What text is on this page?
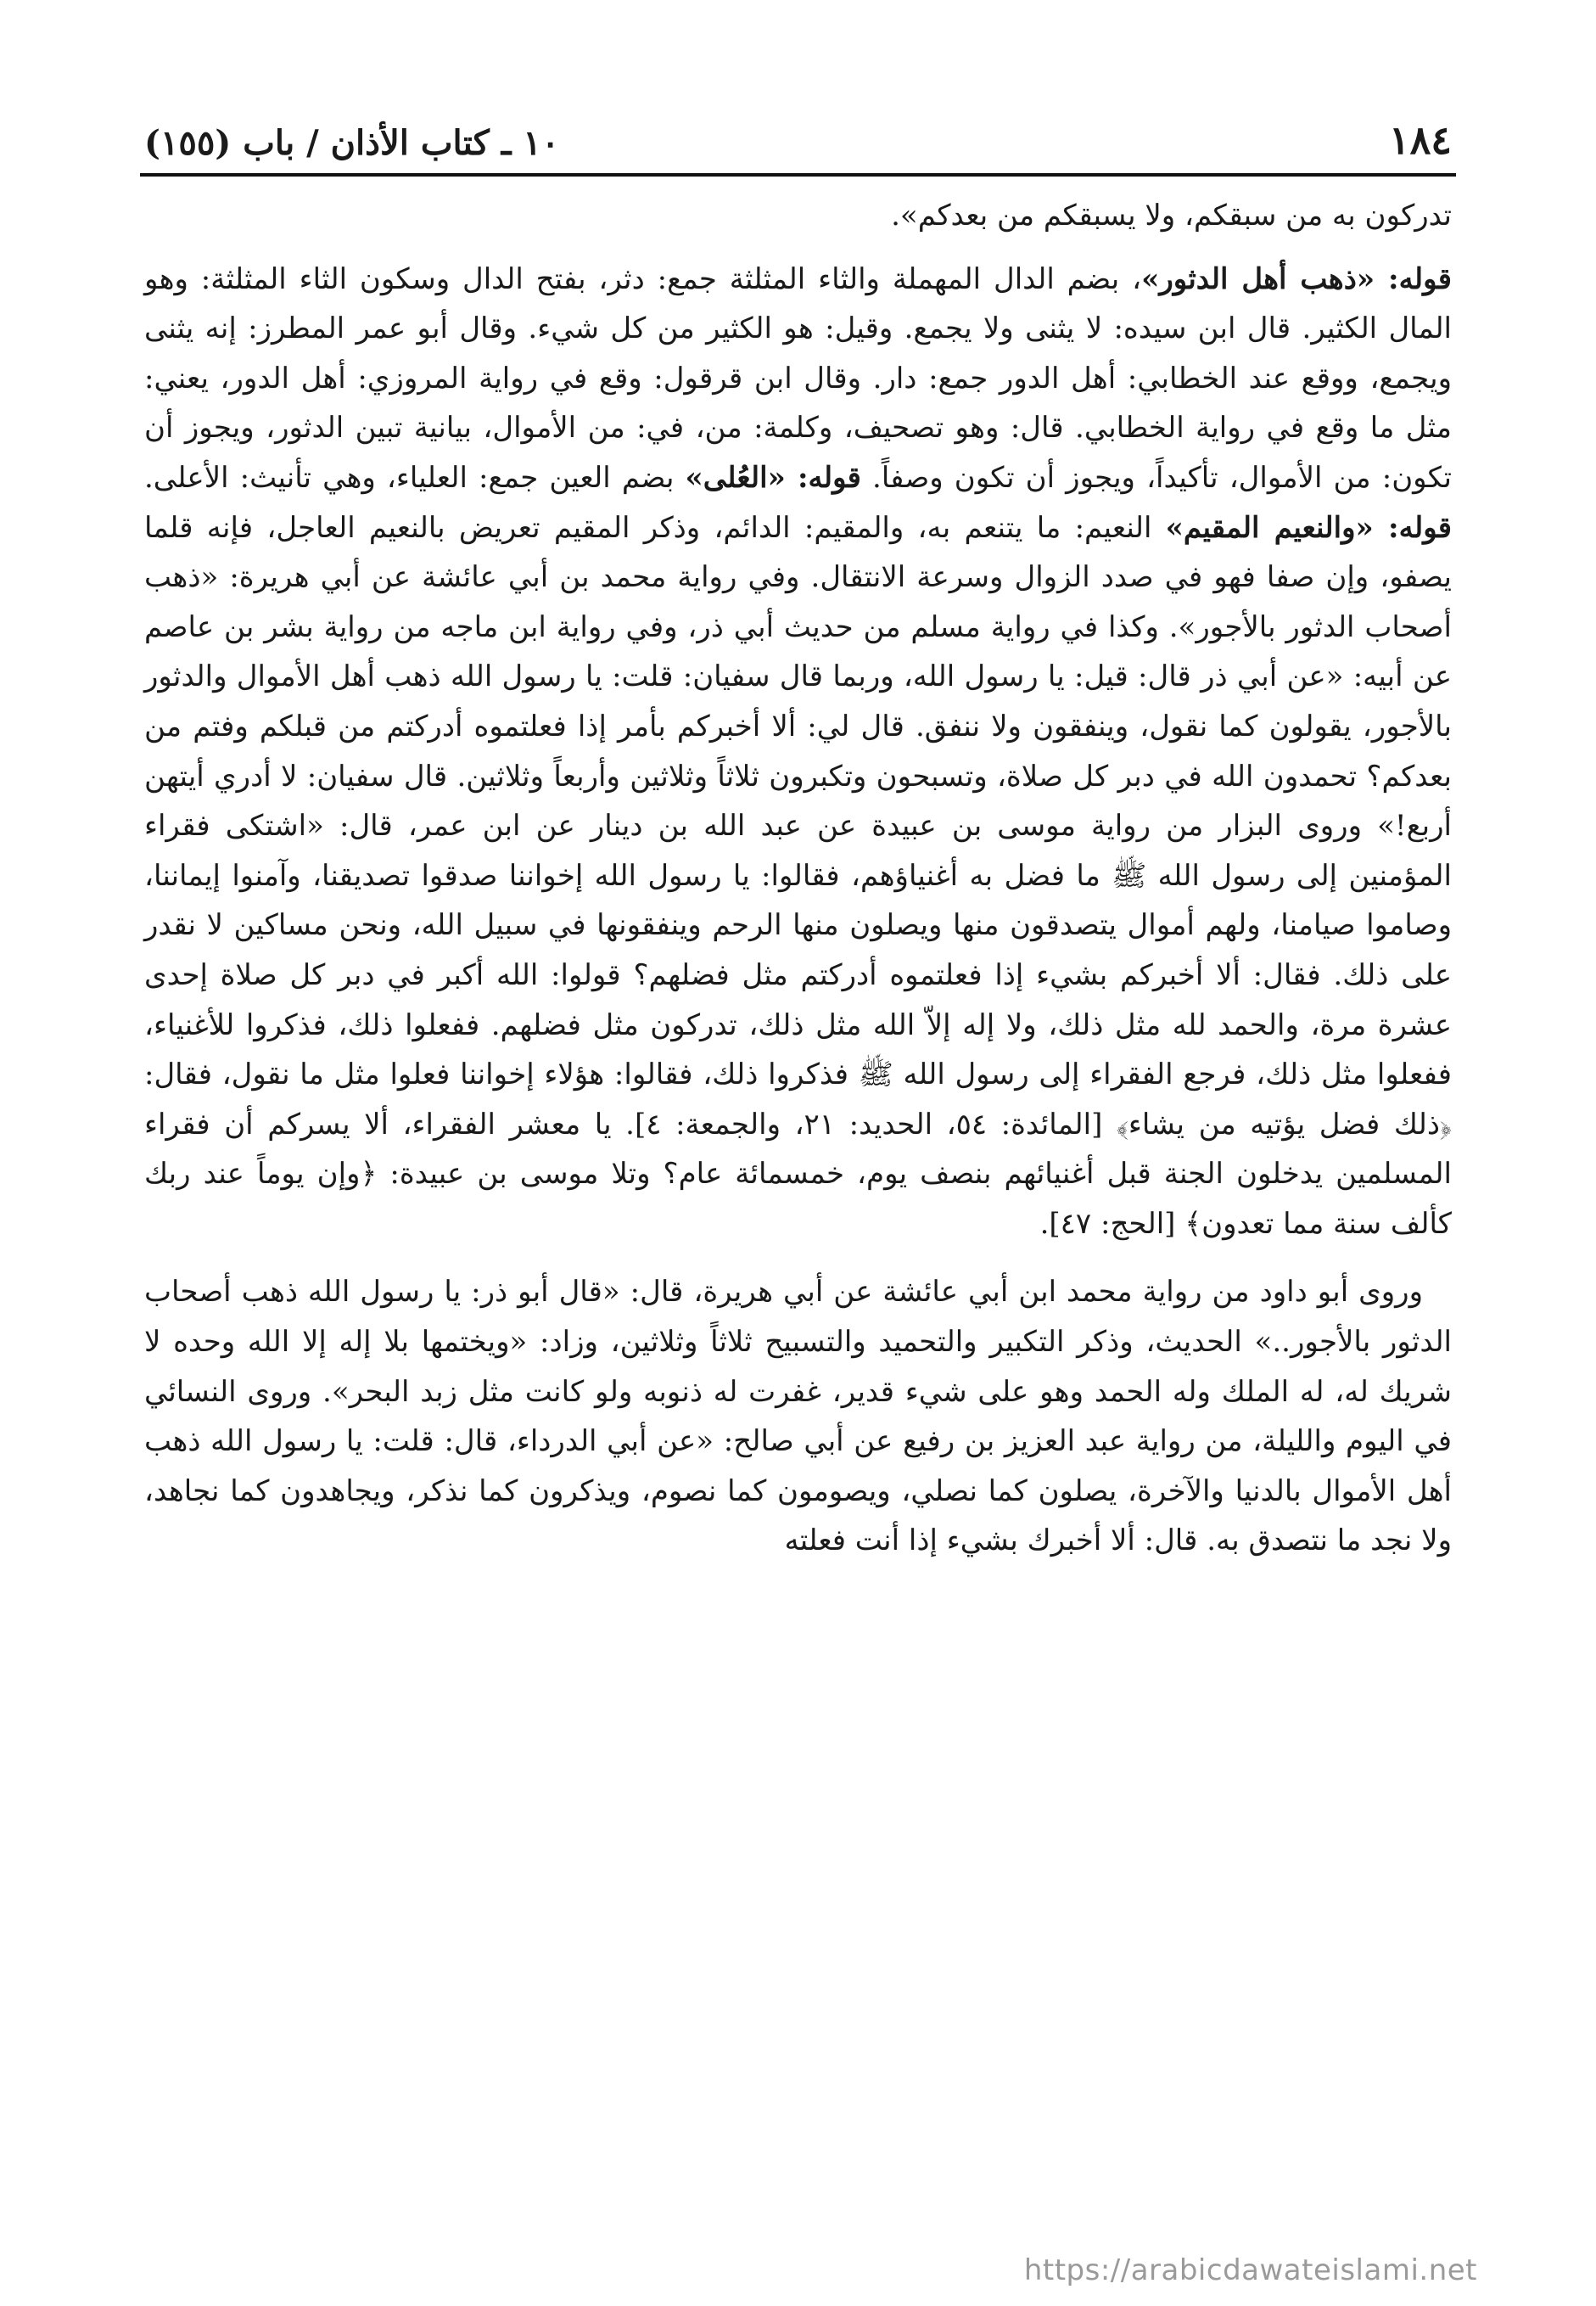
١٨٤
١٠ ـ كتاب الأذان / باب (١٥٥)

تدركون به من سبقكم، ولا يسبقكم من بعدكم».

قوله: «ذهب أهل الدثور»، بضم الدال المهملة والثاء المثلثة جمع: دثر، بفتح الدال وسكون الثاء المثلثة: وهو المال الكثير. قال ابن سيده: لا يثنى ولا يجمع. وقيل: هو الكثير من كل شيء. وقال أبو عمر المطرز: إنه يثنى ويجمع، ووقع عند الخطابي: أهل الدور جمع: دار. وقال ابن قرقول: وقع في رواية المروزي: أهل الدور، يعني: مثل ما وقع في رواية الخطابي. قال: وهو تصحيف، وكلمة: من، في: من الأموال، بيانية تبين الدثور، ويجوز أن تكون: من الأموال، تأكيداً، ويجوز أن تكون وصفاً. قوله: «العُلى» بضم العين جمع: العلياء، وهي تأنيث: الأعلى. قوله: «والنعيم المقيم» النعيم: ما يتنعم به، والمقيم: الدائم، وذكر المقيم تعريض بالنعيم العاجل، فإنه قلما يصفو، وإن صفا فهو في صدد الزوال وسرعة الانتقال. وفي رواية محمد بن أبي عائشة عن أبي هريرة: «ذهب أصحاب الدثور بالأجور». وكذا في رواية مسلم من حديث أبي ذر، وفي رواية ابن ماجه من رواية بشر بن عاصم عن أبيه: «عن أبي ذر قال: قيل: يا رسول الله، وربما قال سفيان: قلت: يا رسول الله ذهب أهل الأموال والدثور بالأجور، يقولون كما نقول، وينفقون ولا ننفق. قال لي: ألا أخبركم بأمر إذا فعلتموه أدركتم من قبلكم وفتم من بعدكم؟ تحمدون الله في دبر كل صلاة، وتسبحون وتكبرون ثلاثاً وثلاثين وأربعاً وثلاثين. قال سفيان: لا أدري أيتهن أربع!» وروى البزار من رواية موسى بن عبيدة عن عبد الله بن دينار عن ابن عمر، قال: «اشتكى فقراء المؤمنين إلى رسول الله ﷺ ما فضل به أغنياؤهم، فقالوا: يا رسول الله إخواننا صدقوا تصديقنا، وآمنوا إيماننا، وصاموا صيامنا، ولهم أموال يتصدقون منها ويصلون منها الرحم وينفقونها في سبيل الله، ونحن مساكين لا نقدر على ذلك. فقال: ألا أخبركم بشيء إذا فعلتموه أدركتم مثل فضلهم؟ قولوا: الله أكبر في دبر كل صلاة إحدى عشرة مرة، والحمد لله مثل ذلك، ولا إله إلاّ الله مثل ذلك، تدركون مثل فضلهم. ففعلوا ذلك، فذكروا للأغنياء، ففعلوا مثل ذلك، فرجع الفقراء إلى رسول الله ﷺ فذكروا ذلك، فقالوا: هؤلاء إخواننا فعلوا مثل ما نقول، فقال: ﴿ذلك فضل يؤتيه من يشاء﴾ [المائدة: ٥٤، الحديد: ٢١، والجمعة: ٤]. يا معشر الفقراء، ألا يسركم أن فقراء المسلمين يدخلون الجنة قبل أغنيائهم بنصف يوم، خمسمائة عام؟ وتلا موسى بن عبيدة: ﴿وإن يوماً عند ربك كألف سنة مما تعدون﴾ [الحج: ٤٧].

وروى أبو داود من رواية محمد ابن أبي عائشة عن أبي هريرة، قال: «قال أبو ذر: يا رسول الله ذهب أصحاب الدثور بالأجور..» الحديث، وذكر التكبير والتحميد والتسبيح ثلاثاً وثلاثين، وزاد: «ويختمها بلا إله إلا الله وحده لا شريك له، له الملك وله الحمد وهو على شيء قدير، غفرت له ذنوبه ولو كانت مثل زبد البحر». وروى النسائي في اليوم والليلة، من رواية عبد العزيز بن رفيع عن أبي صالح: «عن أبي الدرداء، قال: قلت: يا رسول الله ذهب أهل الأموال بالدنيا والآخرة، يصلون كما نصلي، ويصومون كما نصوم، ويذكرون كما نذكر، ويجاهدون كما نجاهد، ولا نجد ما نتصدق به. قال: ألا أخبرك بشيء إذا أنت فعلته

https://arabicdawateislami.net
